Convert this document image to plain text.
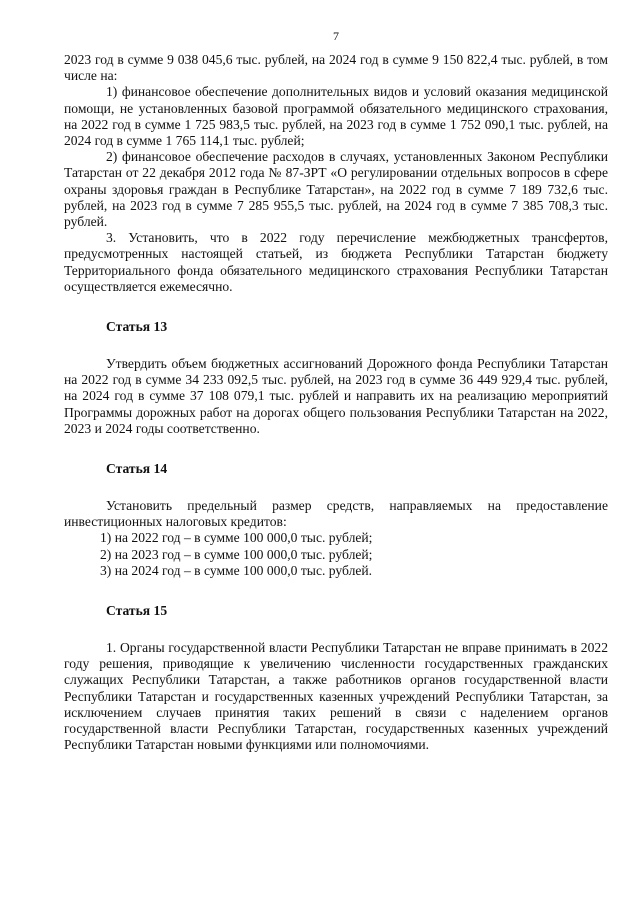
7

2023 год в сумме 9 038 045,6 тыс. рублей, на 2024 год в сумме 9 150 822,4 тыс. рублей, в том числе на:

1) финансовое обеспечение дополнительных видов и условий оказания медицинской помощи, не установленных базовой программой обязательного медицинского страхования, на 2022 год в сумме 1 725 983,5 тыс. рублей, на 2023 год в сумме 1 752 090,1 тыс. рублей, на 2024 год в сумме 1 765 114,1 тыс. рублей;

2) финансовое обеспечение расходов в случаях, установленных Законом Республики Татарстан от 22 декабря 2012 года № 87-ЗРТ «О регулировании отдельных вопросов в сфере охраны здоровья граждан в Республике Татарстан», на 2022 год в сумме 7 189 732,6 тыс. рублей, на 2023 год в сумме 7 285 955,5 тыс. рублей, на 2024 год в сумме 7 385 708,3 тыс. рублей.

3. Установить, что в 2022 году перечисление межбюджетных трансфертов, предусмотренных настоящей статьей, из бюджета Республики Татарстан бюджету Территориального фонда обязательного медицинского страхования Республики Татарстан осуществляется ежемесячно.

Статья 13

Утвердить объем бюджетных ассигнований Дорожного фонда Республики Татарстан на 2022 год в сумме 34 233 092,5 тыс. рублей, на 2023 год в сумме 36 449 929,4 тыс. рублей, на 2024 год в сумме 37 108 079,1 тыс. рублей и направить их на реализацию мероприятий Программы дорожных работ на дорогах общего пользования Республики Татарстан на 2022, 2023 и 2024 годы соответственно.

Статья 14

Установить предельный размер средств, направляемых на предоставление инвестиционных налоговых кредитов:

1) на 2022 год – в сумме 100 000,0 тыс. рублей;
2) на 2023 год – в сумме 100 000,0 тыс. рублей;
3) на 2024 год – в сумме 100 000,0 тыс. рублей.
Статья 15

1. Органы государственной власти Республики Татарстан не вправе принимать в 2022 году решения, приводящие к увеличению численности государственных гражданских служащих Республики Татарстан, а также работников органов государственной власти Республики Татарстан и государственных казенных учреждений Республики Татарстан, за исключением случаев принятия таких решений в связи с наделением органов государственной власти Республики Татарстан, государственных казенных учреждений Республики Татарстан новыми функциями или полномочиями.
